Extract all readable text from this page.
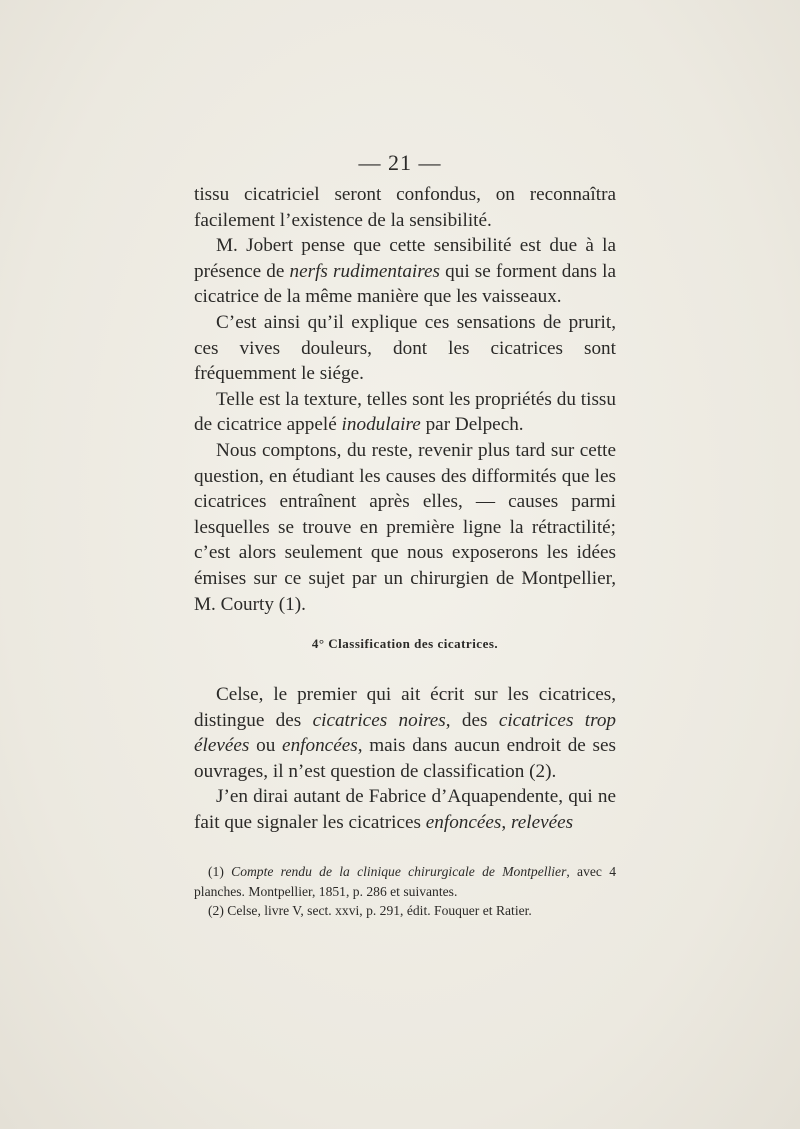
— 21 —

tissu cicatriciel seront confondus, on reconnaîtra facilement l’existence de la sensibilité.

M. Jobert pense que cette sensibilité est due à la présence de nerfs rudimentaires qui se forment dans la cicatrice de la même manière que les vaisseaux.

C’est ainsi qu’il explique ces sensations de prurit, ces vives douleurs, dont les cicatrices sont fréquemment le siége.

Telle est la texture, telles sont les propriétés du tissu de cicatrice appelé inodulaire par Delpech.

Nous comptons, du reste, revenir plus tard sur cette question, en étudiant les causes des difformités que les cicatrices entraînent après elles, — causes parmi lesquelles se trouve en première ligne la rétractilité; c’est alors seulement que nous exposerons les idées émises sur ce sujet par un chirurgien de Montpellier, M. Courty (1).

4° Classification des cicatrices.

Celse, le premier qui ait écrit sur les cicatrices, distingue des cicatrices noires, des cicatrices trop élevées ou enfoncées, mais dans aucun endroit de ses ouvrages, il n’est question de classification (2).

J’en dirai autant de Fabrice d’Aquapendente, qui ne fait que signaler les cicatrices enfoncées, relevées

(1) Compte rendu de la clinique chirurgicale de Montpellier, avec 4 planches. Montpellier, 1851, p. 286 et suivantes.

(2) Celse, livre V, sect. xxvi, p. 291, édit. Fouquer et Ratier.
